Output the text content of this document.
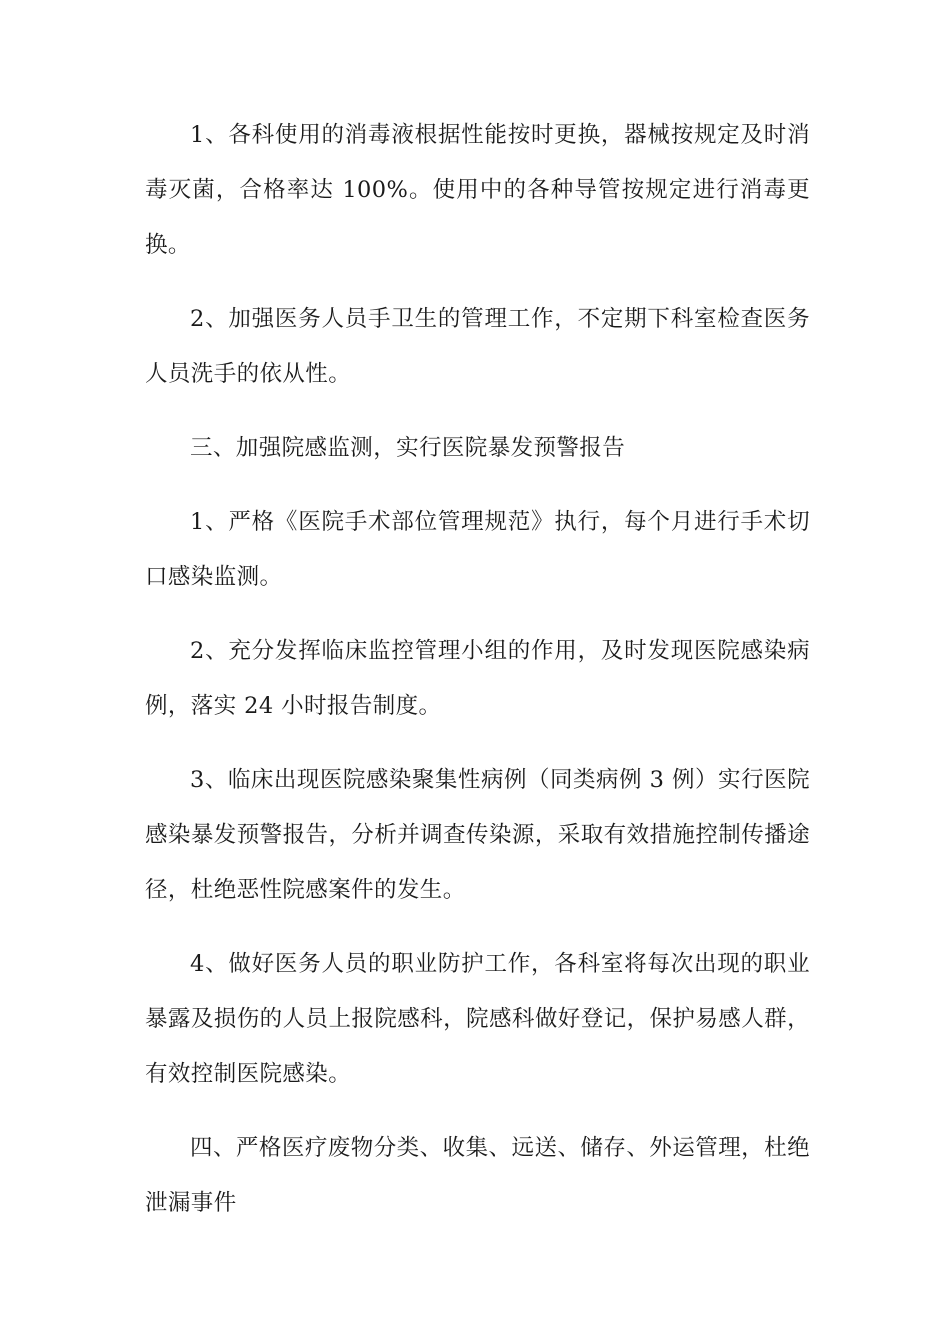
1、各科使用的消毒液根据性能按时更换，器械按规定及时消毒灭菌，合格率达 100%。使用中的各种导管按规定进行消毒更换。

2、加强医务人员手卫生的管理工作，不定期下科室检查医务人员洗手的依从性。

三、加强院感监测，实行医院暴发预警报告

1、严格《医院手术部位管理规范》执行，每个月进行手术切口感染监测。

2、充分发挥临床监控管理小组的作用，及时发现医院感染病例，落实 24 小时报告制度。

3、临床出现医院感染聚集性病例（同类病例 3 例）实行医院感染暴发预警报告，分析并调查传染源，采取有效措施控制传播途径，杜绝恶性院感案件的发生。

4、做好医务人员的职业防护工作，各科室将每次出现的职业暴露及损伤的人员上报院感科，院感科做好登记，保护易感人群，有效控制医院感染。

四、严格医疗废物分类、收集、远送、储存、外运管理，杜绝泄漏事件
